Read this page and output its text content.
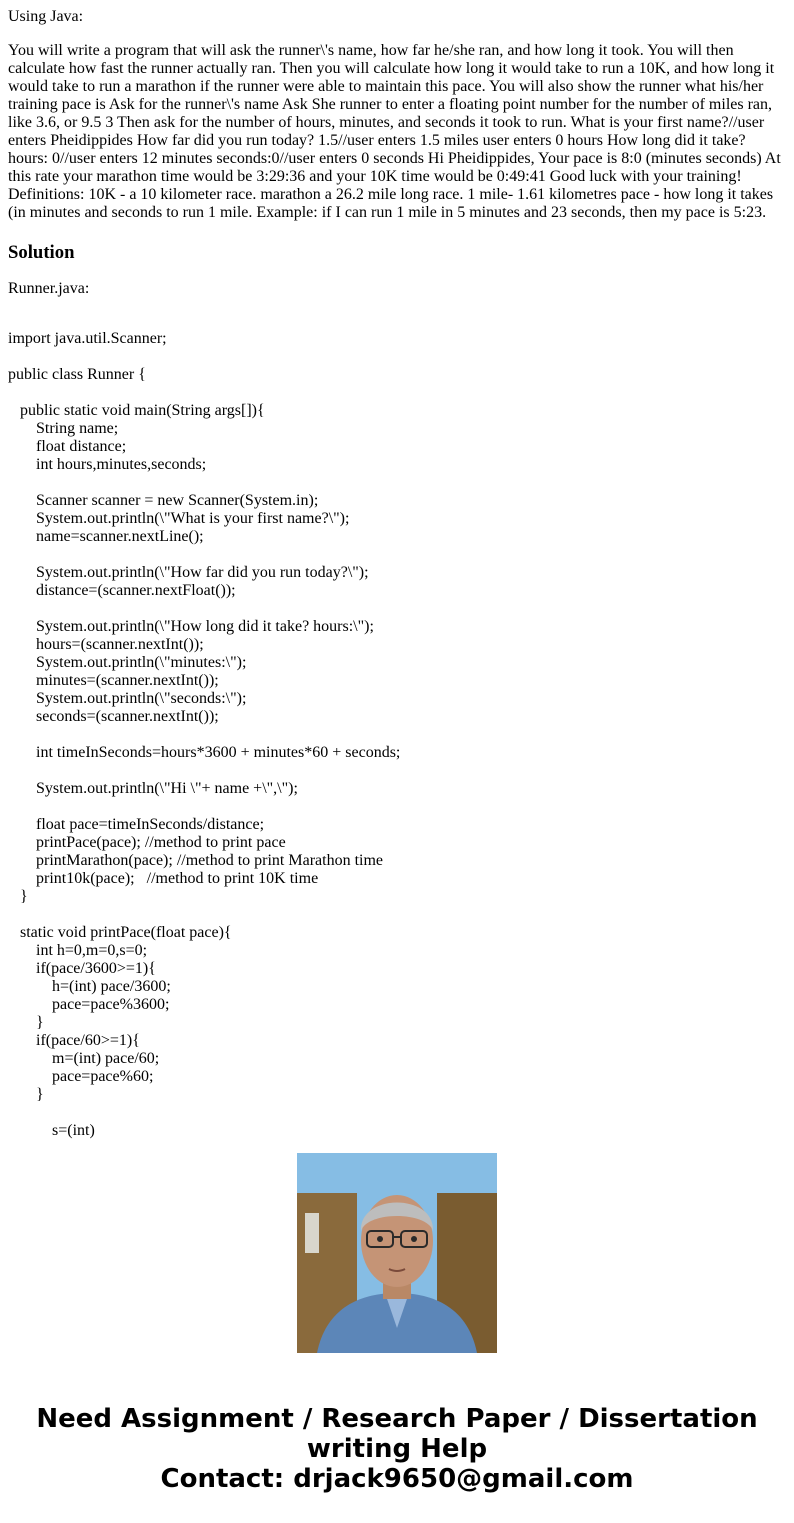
Using Java:

You will write a program that will ask the runner\'s name, how far he/she ran, and how long it took. You will then calculate how fast the runner actually ran. Then you will calculate how long it would take to run a 10K, and how long it would take to run a marathon if the runner were able to maintain this pace. You will also show the runner what his/her training pace is Ask for the runner\'s name Ask She runner to enter a floating point number for the number of miles ran, like 3.6, or 9.5 3 Then ask for the number of hours, minutes, and seconds it took to run. What is your first name?//user enters Pheidippides How far did you run today? 1.5//user enters 1.5 miles user enters 0 hours How long did it take? hours: 0//user enters 12 minutes seconds:0//user enters 0 seconds Hi Pheidippides, Your pace is 8:0 (minutes seconds) At this rate your marathon time would be 3:29:36 and your 10K time would be 0:49:41 Good luck with your training! Definitions: 10K - a 10 kilometer race. marathon a 26.2 mile long race. 1 mile- 1.61 kilometres pace - how long it takes (in minutes and seconds to run 1 mile. Example: if I can run 1 mile in 5 minutes and 23 seconds, then my pace is 5:23.

Solution

Runner.java:

import java.util.Scanner;

public class Runner {

public static void main(String args[]){
String name;
float distance;
int hours,minutes,seconds;

Scanner scanner = new Scanner(System.in);
System.out.println(\"What is your first name?\");
name=scanner.nextLine();

System.out.println(\"How far did you run today?\");
distance=(scanner.nextFloat());

System.out.println(\"How long did it take? hours:\");
hours=(scanner.nextInt());
System.out.println(\"minutes:\");
minutes=(scanner.nextInt());
System.out.println(\"seconds:\");
seconds=(scanner.nextInt());

int timeInSeconds=hours*3600 + minutes*60 + seconds;

System.out.println(\"Hi \"+ name +\",\");

float pace=timeInSeconds/distance;
printPace(pace); //method to print pace
printMarathon(pace); //method to print Marathon time
print10k(pace);   //method to print 10K time
}

static void printPace(float pace){
int h=0,m=0,s=0;
if(pace/3600>=1){
h=(int) pace/3600;
pace=pace%3600;
}
if(pace/60>=1){
m=(int) pace/60;
pace=pace%60;
}

s=(int)
Need Assignment / Research Paper / Dissertation
writing Help
Contact: drjack9650@gmail.com
